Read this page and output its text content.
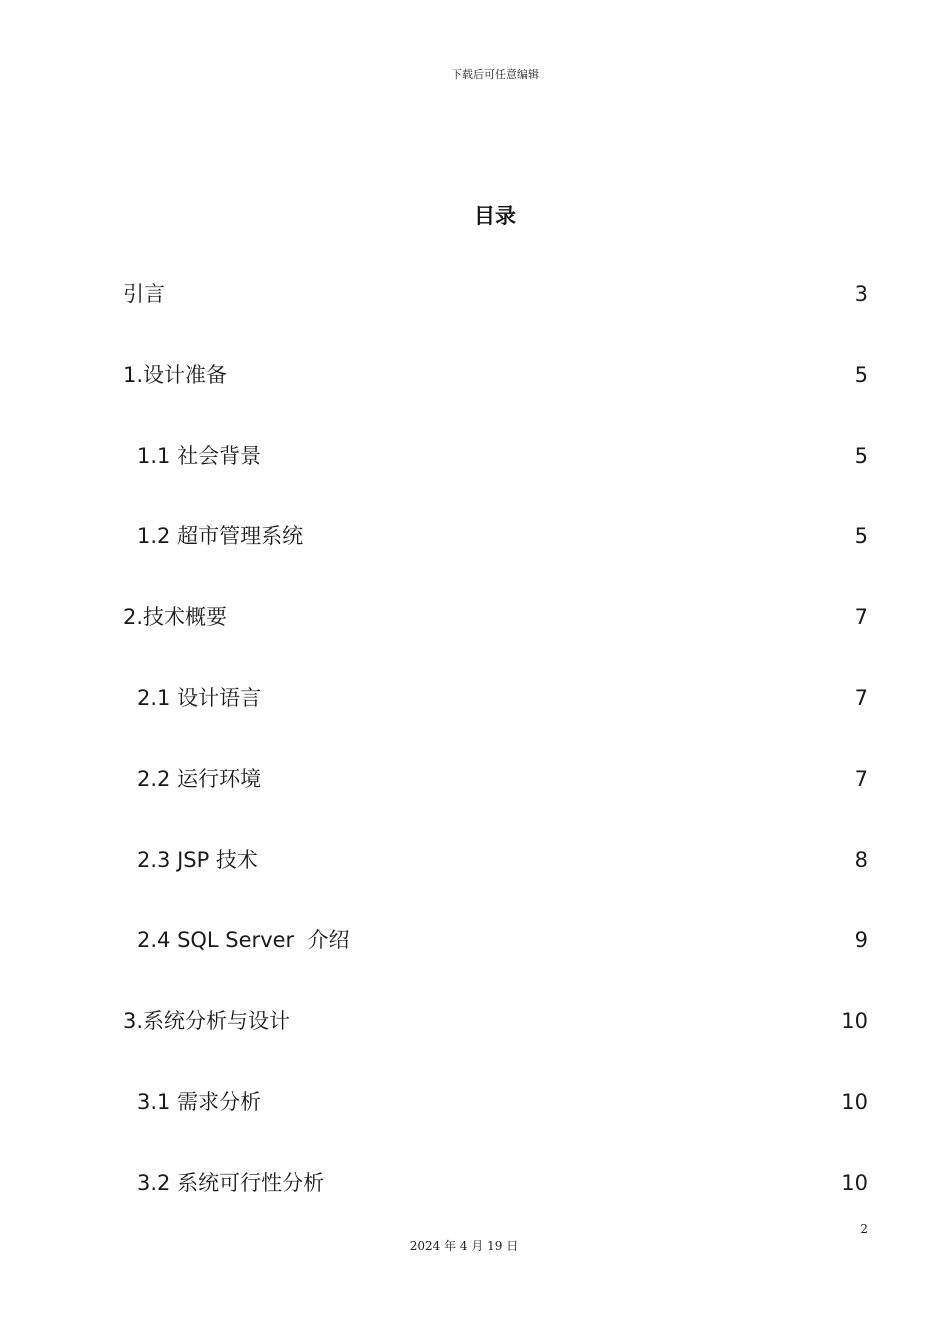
下载后可任意编辑
目录
引言	3
1.设计准备	5
1.1 社会背景	5
1.2 超市管理系统	5
2.技术概要	7
2.1 设计语言	7
2.2 运行环境	7
2.3 JSP 技术	8
2.4 SQL Server  介绍	9
3.系统分析与设计	10
3.1 需求分析	10
3.2 系统可行性分析	10
2
2024 年 4 月 19 日
